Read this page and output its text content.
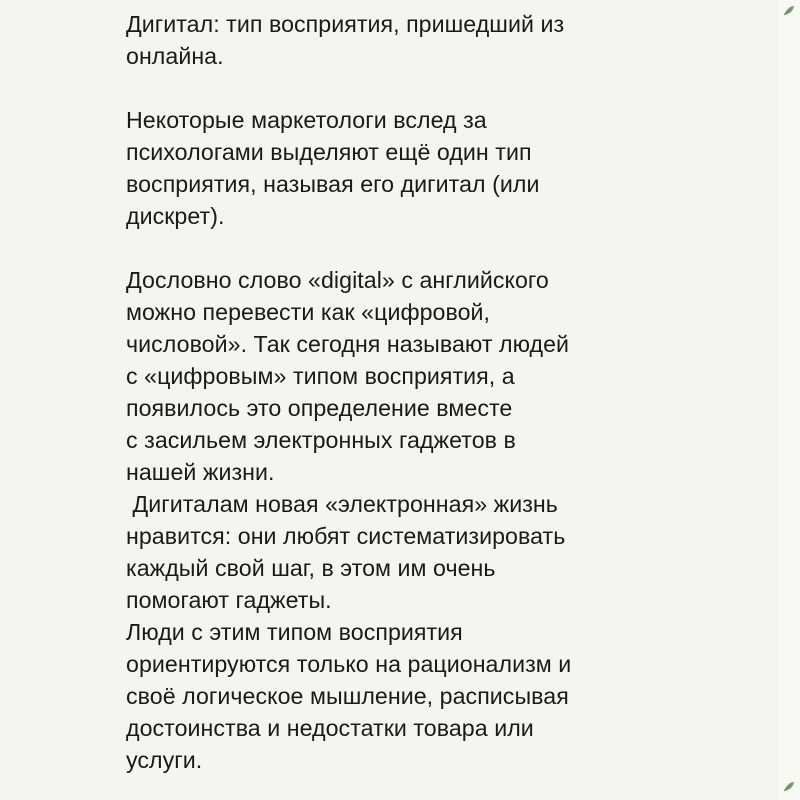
Дигитал: тип восприятия, пришедший из
онлайна.

Некоторые маркетологи вслед за
психологами выделяют ещё один тип
восприятия, называя его дигитал (или
дискрет).

Дословно слово «digital» с английского
можно перевести как «цифровой,
числовой». Так сегодня называют людей
с «цифровым» типом восприятия, а
появилось это определение вместе
с засильем электронных гаджетов в
нашей жизни.

Дигиталам новая «электронная» жизнь
нравится: они любят систематизировать
каждый свой шаг, в этом им очень
помогают гаджеты.

Люди с этим типом восприятия
ориентируются только на рационализм и
своё логическое мышление, расписывая
достоинства и недостатки товара или
услуги.
